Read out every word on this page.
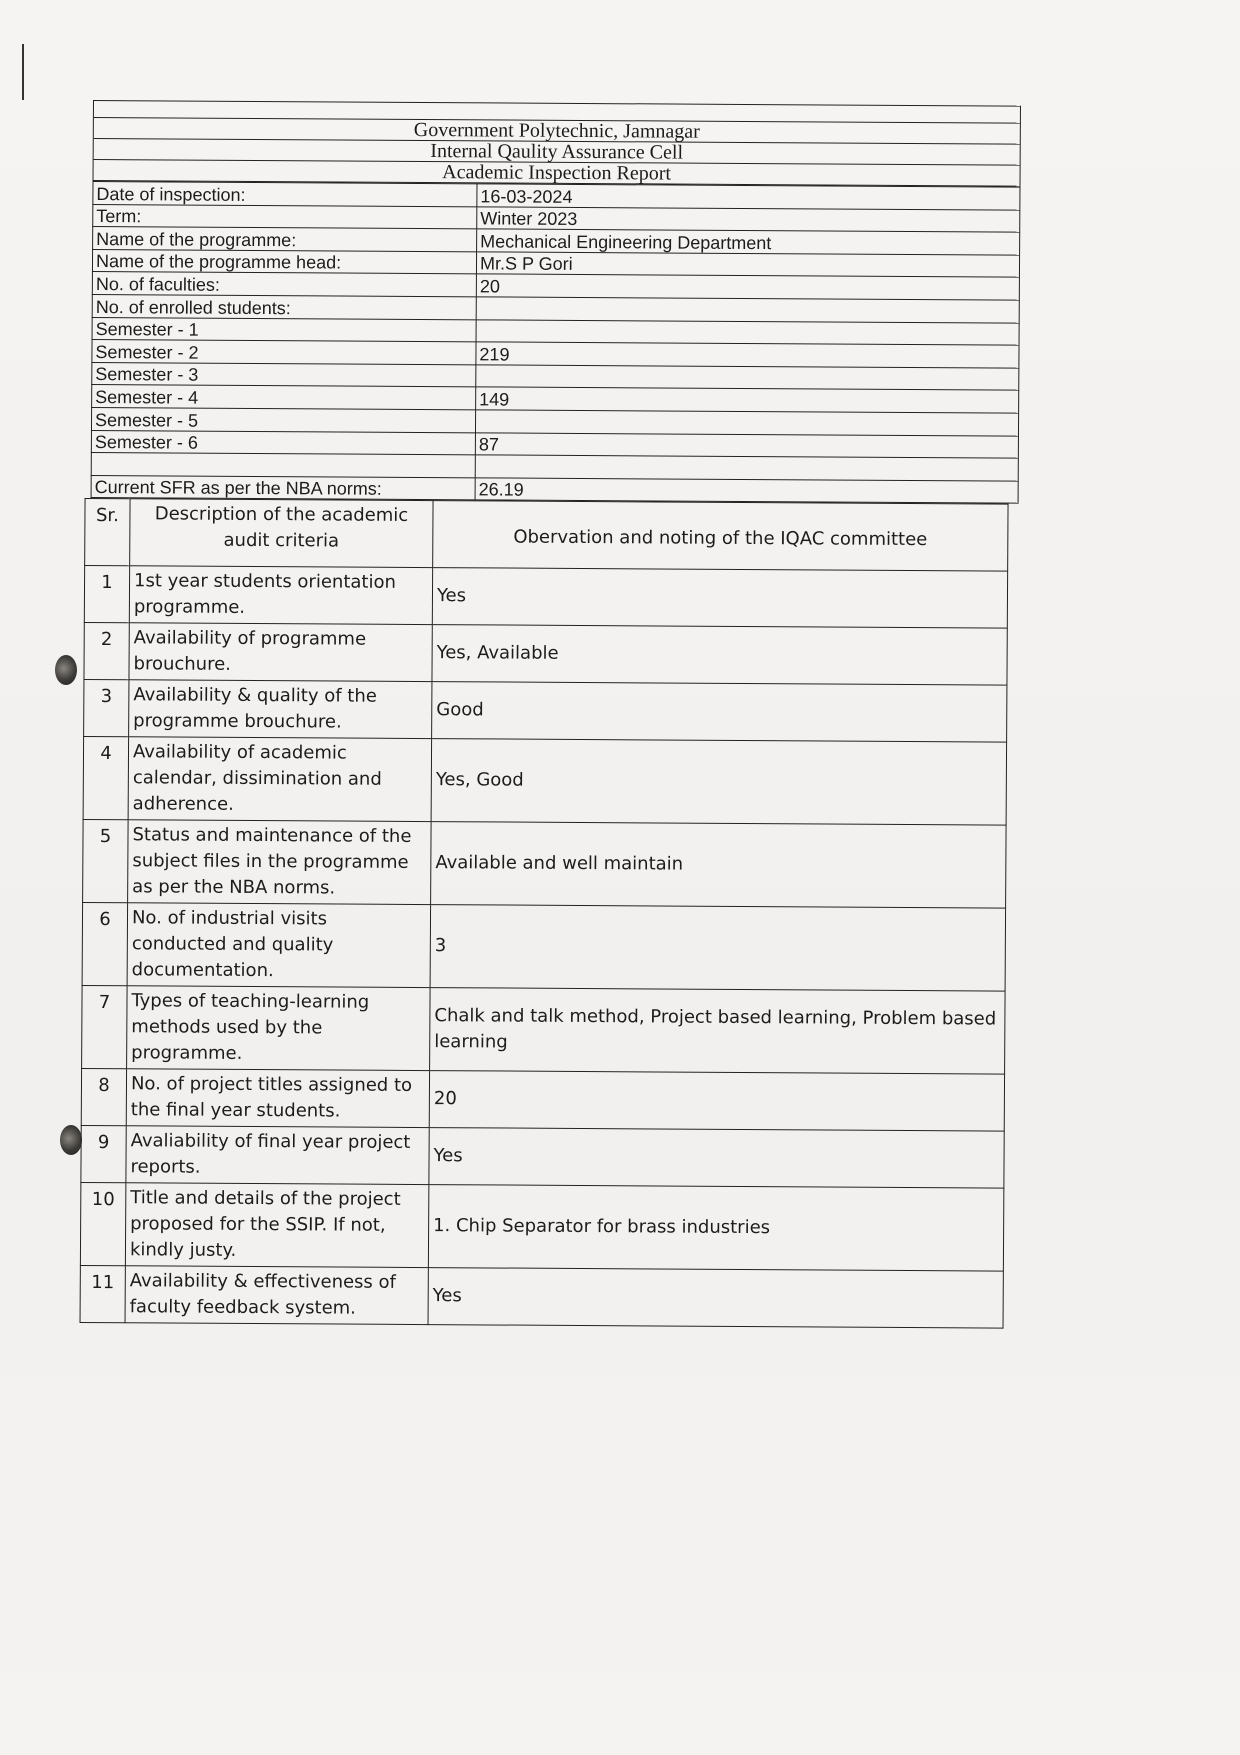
Government Polytechnic, Jamnagar
Internal Qaulity Assurance Cell
Academic Inspection Report
Date of inspection:	16-03-2024
Term:	Winter 2023
Name of the programme:	Mechanical Engineering Department
Name of the programme head:	Mr.S P Gori
No. of faculties:	20
No. of enrolled students:	
Semester - 1	
Semester - 2	219
Semester - 3	
Semester - 4	149
Semester - 5	
Semester - 6	87

Current SFR as per the NBA norms:	26.19
Sr.	Description of the academic audit criteria	Obervation and noting of the IQAC committee
1	1st year students orientation programme.	Yes
2	Availability of programme brouchure.	Yes, Available
3	Availability & quality of the programme brouchure.	Good
4	Availability of academic calendar, dissimination and adherence.	Yes, Good
5	Status and maintenance of the subject files in the programme as per the NBA norms.	Available and well maintain
6	No. of industrial visits conducted and quality documentation.	3
7	Types of teaching-learning methods used by the programme.	Chalk and talk method, Project based learning, Problem based learning
8	No. of project titles assigned to the final year students.	20
9	Avaliability of final year project reports.	Yes
10	Title and details of the project proposed for the SSIP. If not, kindly justy.	1. Chip Separator for brass industries
11	Availability & effectiveness of faculty feedback system.	Yes
